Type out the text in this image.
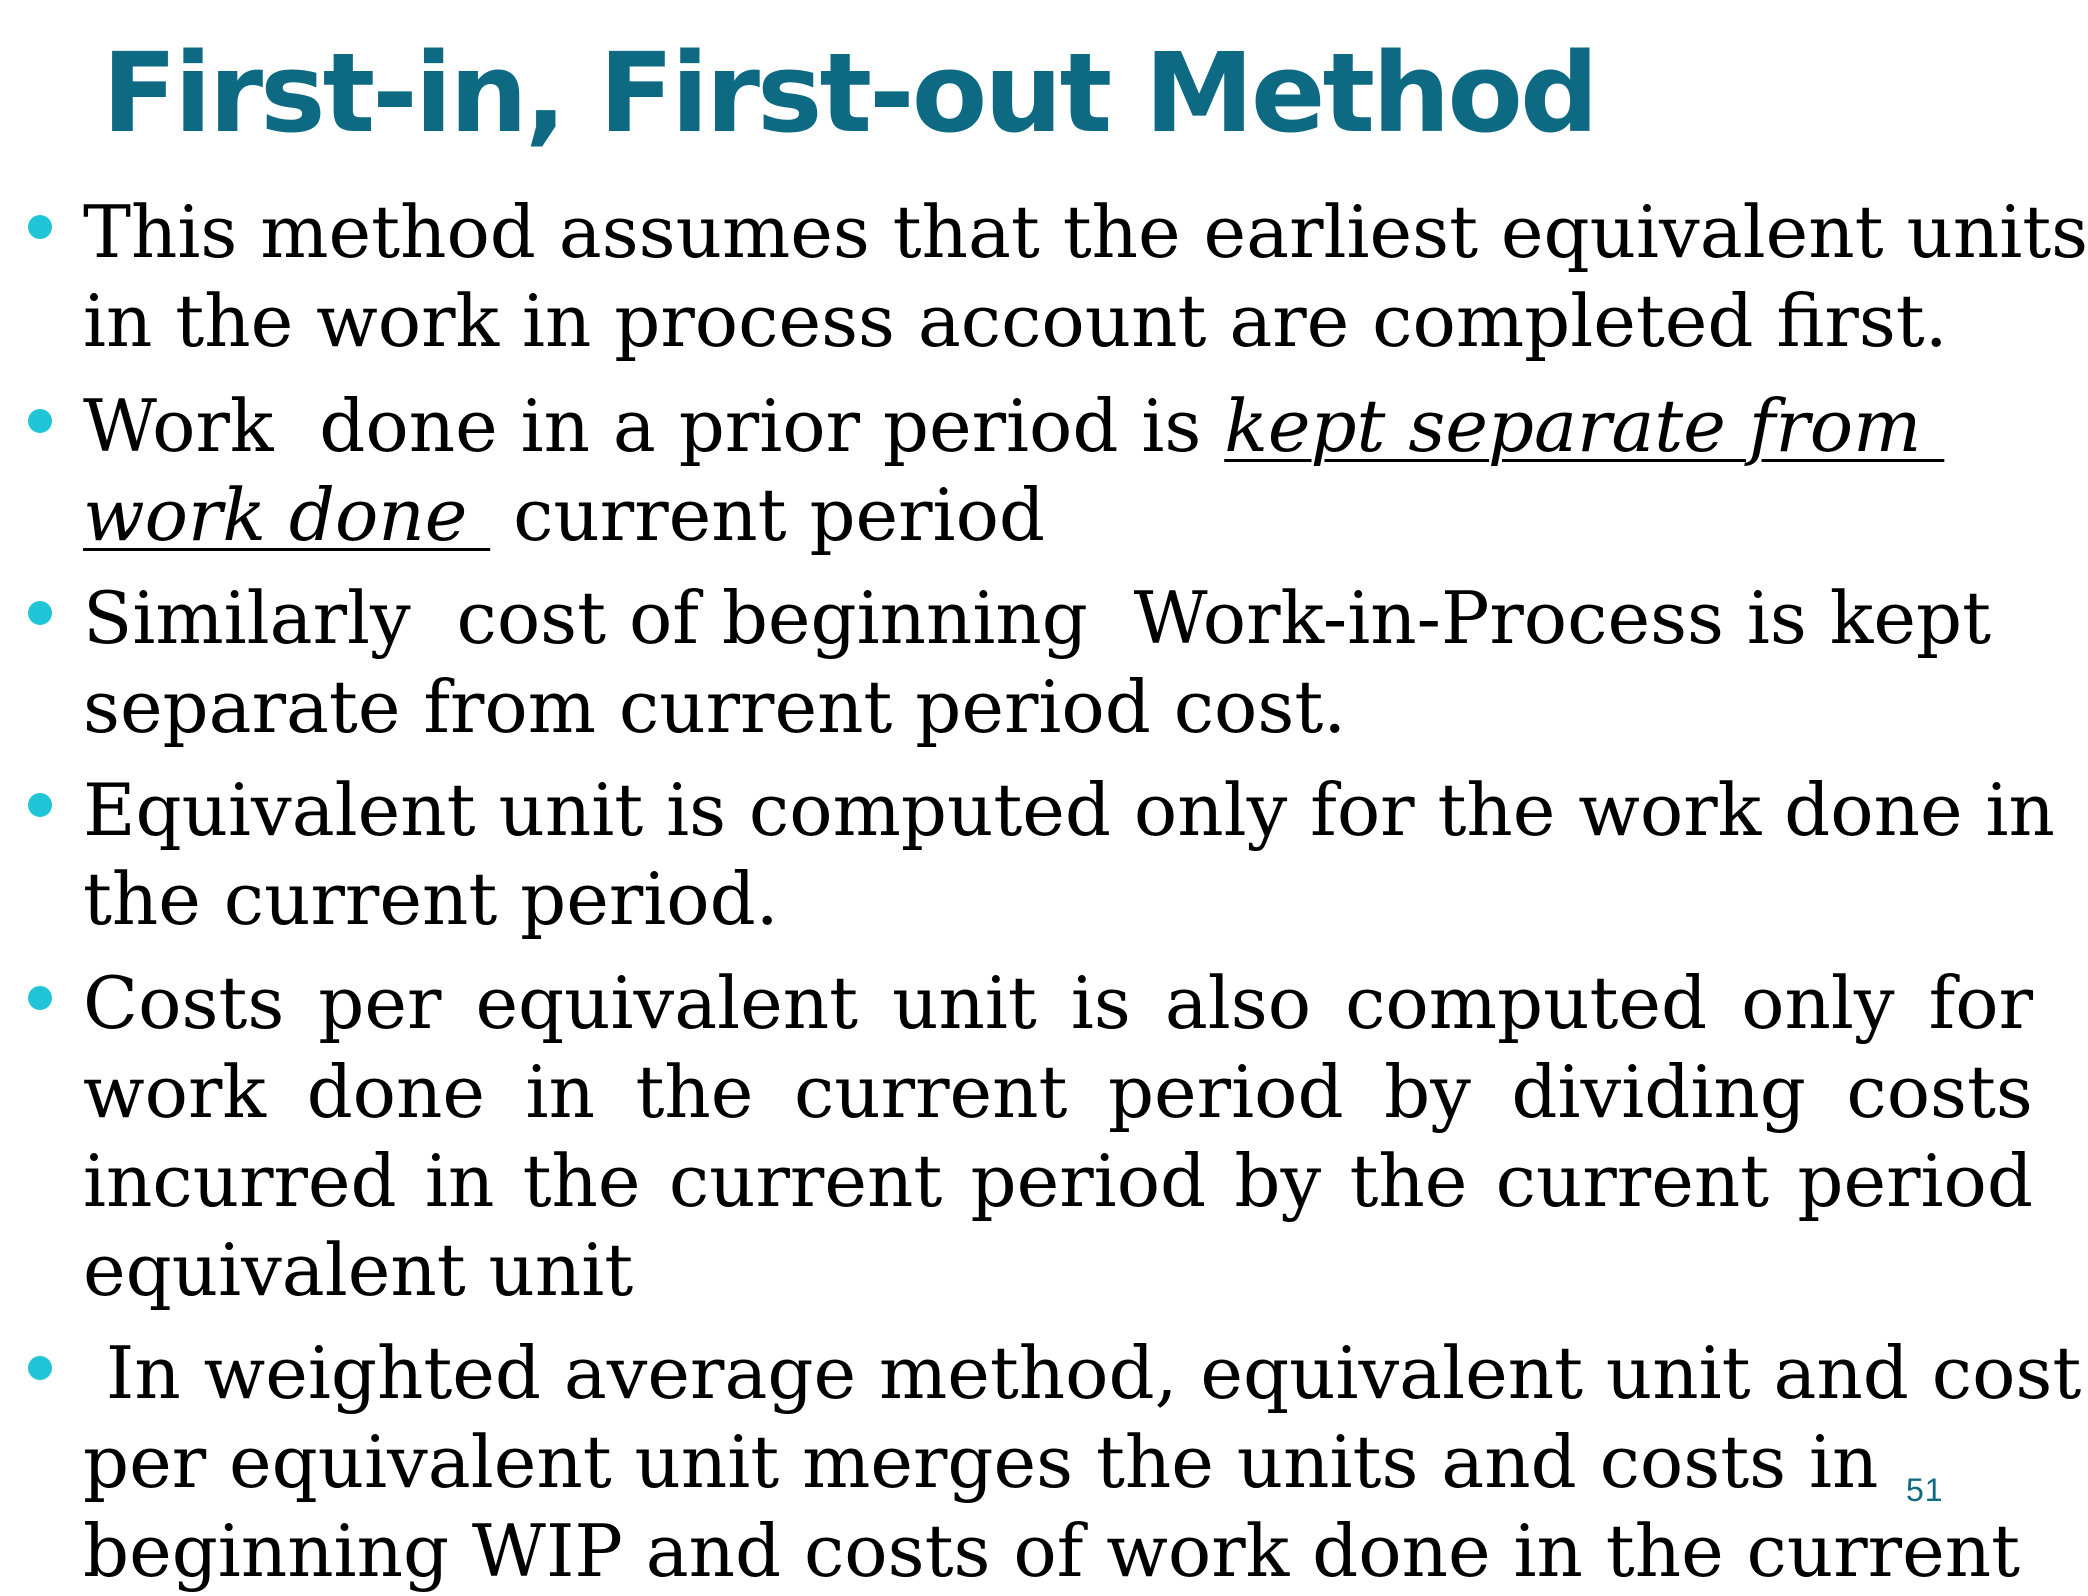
First-in, First-out Method
This method assumes that the earliest equivalent units
in the work in process account are completed first.
Work  done in a prior period is kept separate from
work done  current period
Similarly  cost of beginning  Work-in-Process is kept
separate from current period cost.
Equivalent unit is computed only for the work done in
the current period.
Costs per equivalent unit is also computed only for
work done in the current period by dividing costs
incurred in the current period by the current period
equivalent unit
In weighted average method, equivalent unit and cost
per equivalent unit merges the units and costs in
beginning WIP and costs of work done in the current
51
